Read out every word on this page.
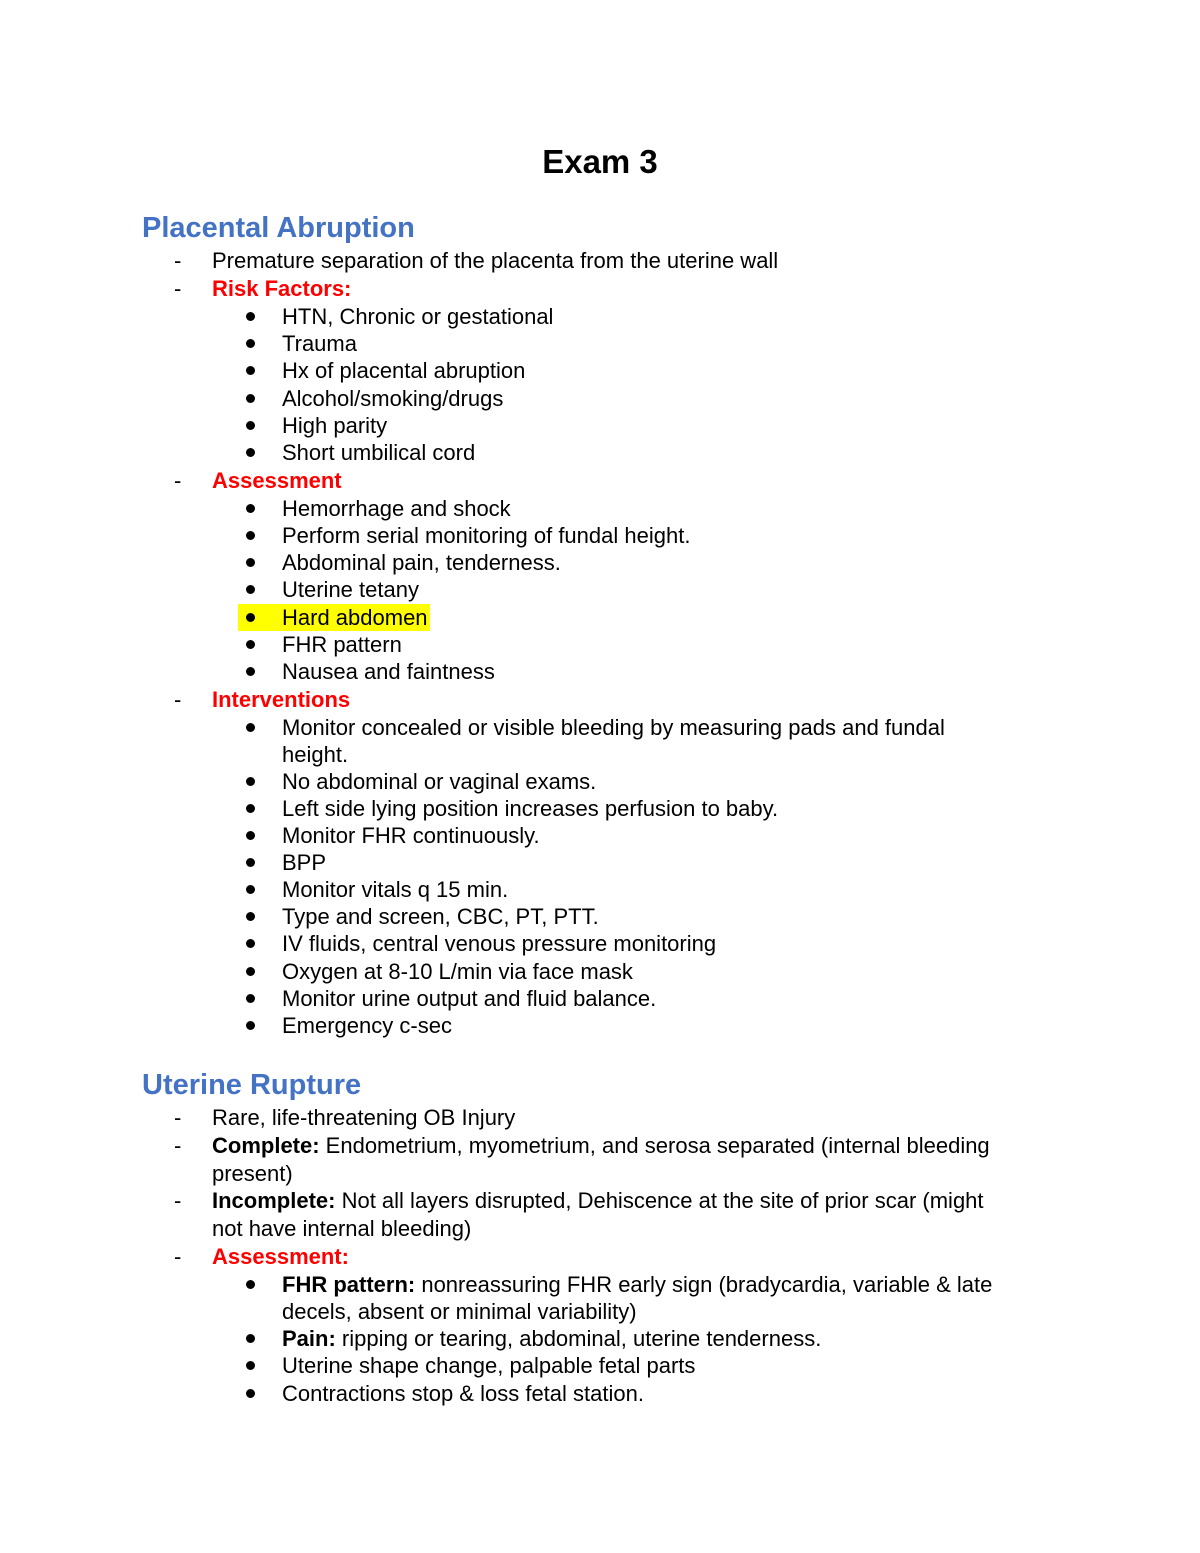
Exam 3
Placental Abruption
-	Premature separation of the placenta from the uterine wall
-	Risk Factors:
HTN, Chronic or gestational
Trauma
Hx of placental abruption
Alcohol/smoking/drugs
High parity
Short umbilical cord
-	Assessment
Hemorrhage and shock
Perform serial monitoring of fundal height.
Abdominal pain, tenderness.
Uterine tetany
Hard abdomen
FHR pattern
Nausea and faintness
-	Interventions
Monitor concealed or visible bleeding by measuring pads and fundal
height.
No abdominal or vaginal exams.
Left side lying position increases perfusion to baby.
Monitor FHR continuously.
BPP
Monitor vitals q 15 min.
Type and screen, CBC, PT, PTT.
IV fluids, central venous pressure monitoring
Oxygen at 8-10 L/min via face mask
Monitor urine output and fluid balance.
Emergency c-sec
Uterine Rupture
-	Rare, life-threatening OB Injury
-	Complete: Endometrium, myometrium, and serosa separated (internal bleeding
present)
-	Incomplete: Not all layers disrupted, Dehiscence at the site of prior scar (might
not have internal bleeding)
-	Assessment:
FHR pattern: nonreassuring FHR early sign (bradycardia, variable & late
decels, absent or minimal variability)
Pain: ripping or tearing, abdominal, uterine tenderness.
Uterine shape change, palpable fetal parts
Contractions stop & loss fetal station.
